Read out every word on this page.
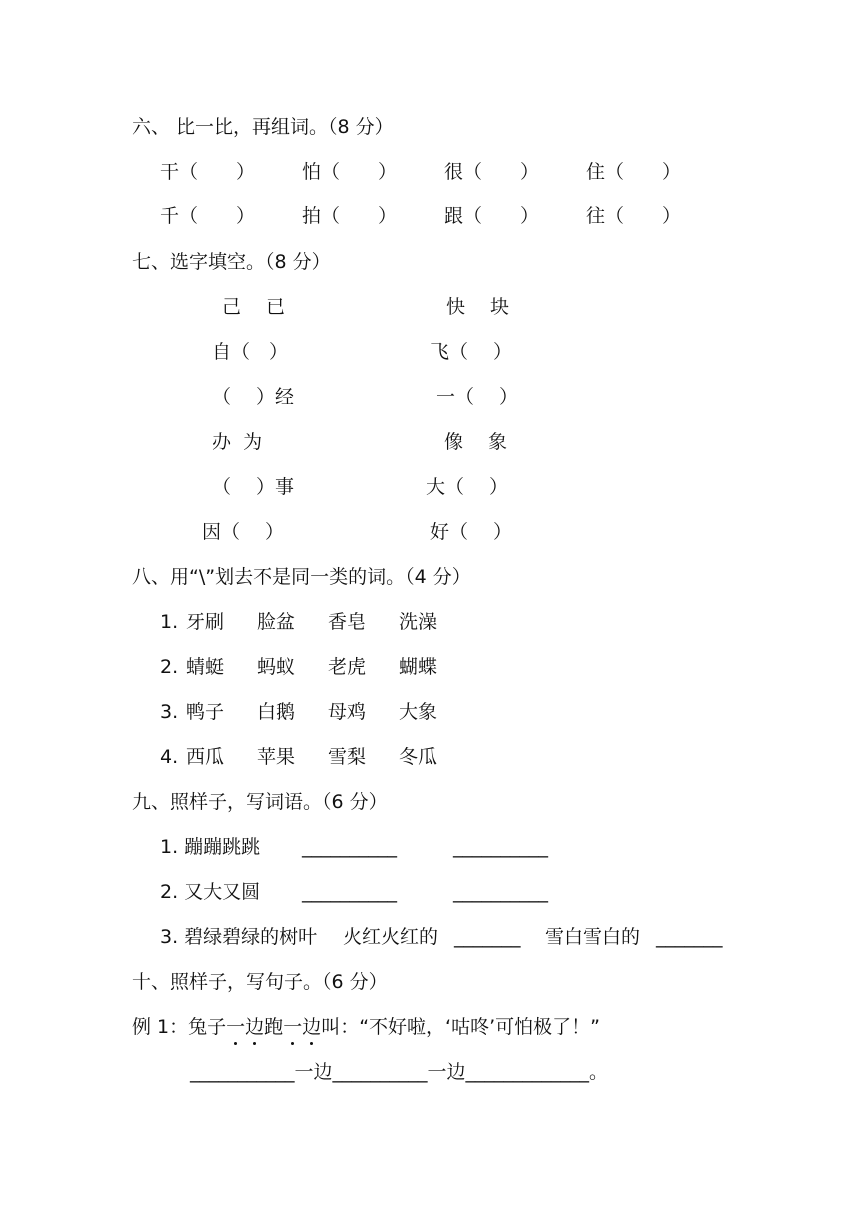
六、 比一比，再组词。（8 分）
干（　　） 怕（　　） 很（　　） 住（　　）
千（　　） 拍（　　） 跟（　　） 往（　　）
七、选字填空。（8 分）
己　 已
自（　）
（　 ）经
办  为
（　 ）事
因（　 ）
快　 块
飞（　 ）
一（　 ）
像　 象
大（　 ）
好（　 ）
八、用“\”划去不是同一类的词。（4 分）
1. 牙刷 脸盆 香皂 洗澡
2. 蜻蜓 蚂蚁 老虎 蝴蝶
3. 鸭子 白鹅 母鸡 大象
4. 西瓜 苹果 雪梨 冬瓜
九、照样子，写词语。（6 分）
1. 蹦蹦跳跳 __________	__________
2. 又大又圆 __________	__________
3. 碧绿碧绿的树叶 火红火红的 _______ 雪白雪白的 _______
十、照样子，写句子。（6 分）
例 1：兔子一
边
跑一
边
叫：“不好啦，‘咕咚’可怕极了！”
___________一边__________一边_____________。
